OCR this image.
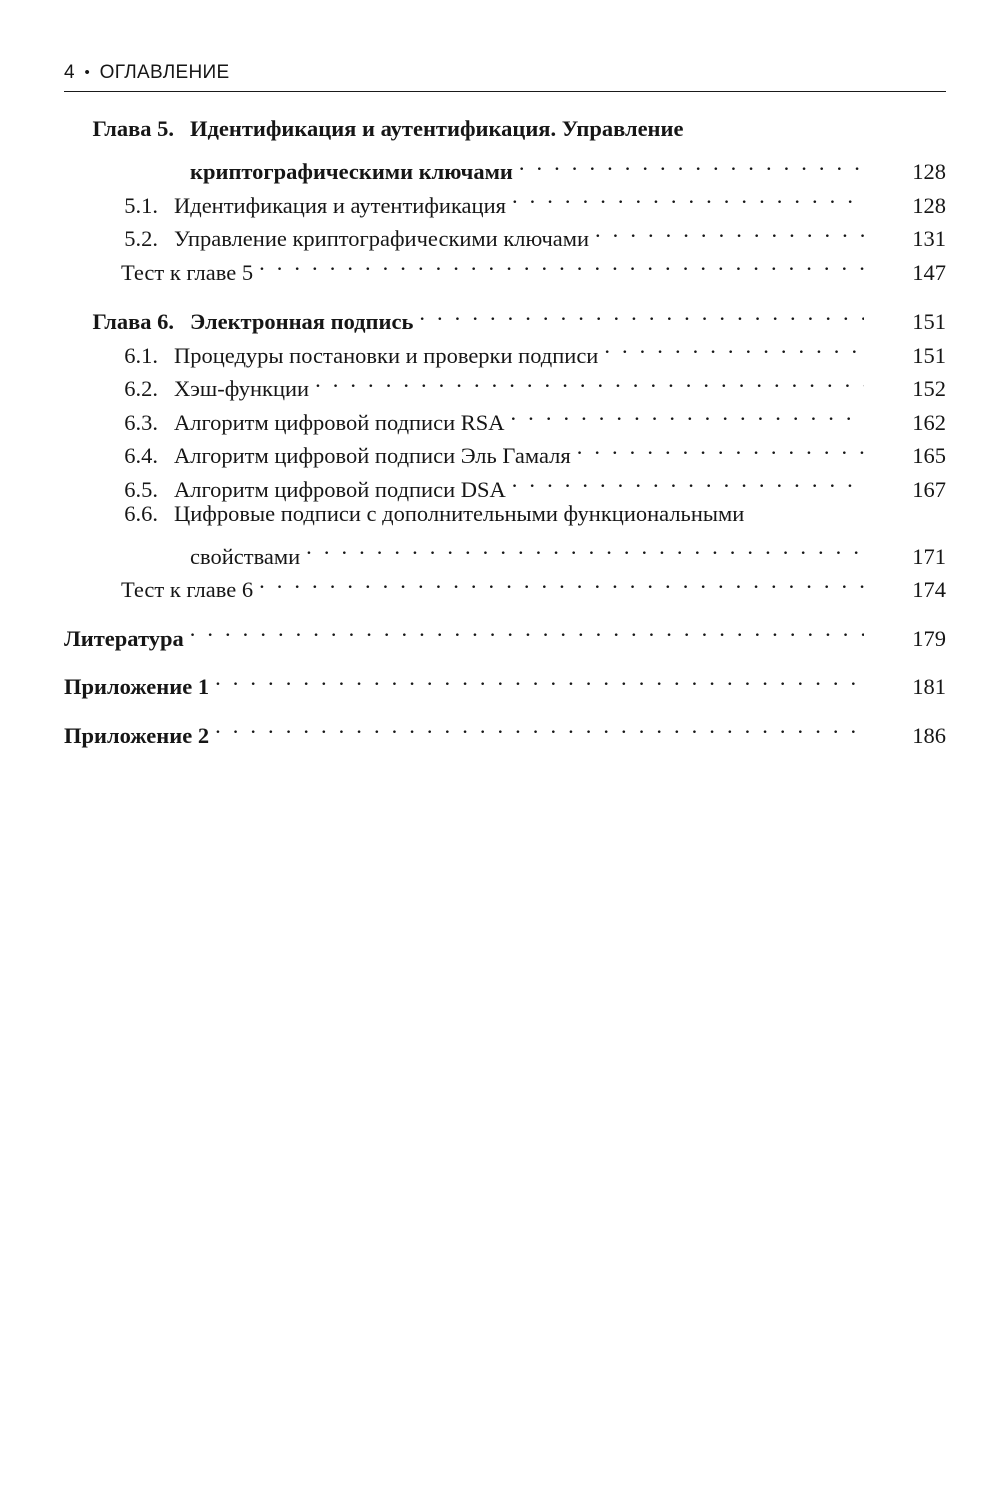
4 • ОГЛАВЛЕНИЕ
Глава 5. Идентификация и аутентификация. Управление
криптографическими ключами . . .	128
5.1. Идентификация и аутентификация . . .	128
5.2. Управление криптографическими ключами . . .	131
Тест к главе 5 . . .	147
Глава 6. Электронная подпись . . .	151
6.1. Процедуры постановки и проверки подписи . . .	151
6.2. Хэш-функции . . .	152
6.3. Алгоритм цифровой подписи RSA . . .	162
6.4. Алгоритм цифровой подписи Эль Гамаля . . .	165
6.5. Алгоритм цифровой подписи DSA . . .	167
6.6. Цифровые подписи с дополнительными функциональными
свойствами . . .	171
Тест к главе 6 . . .	174
Литература . . .	179
Приложение 1 . . .	181
Приложение 2 . . .	186
